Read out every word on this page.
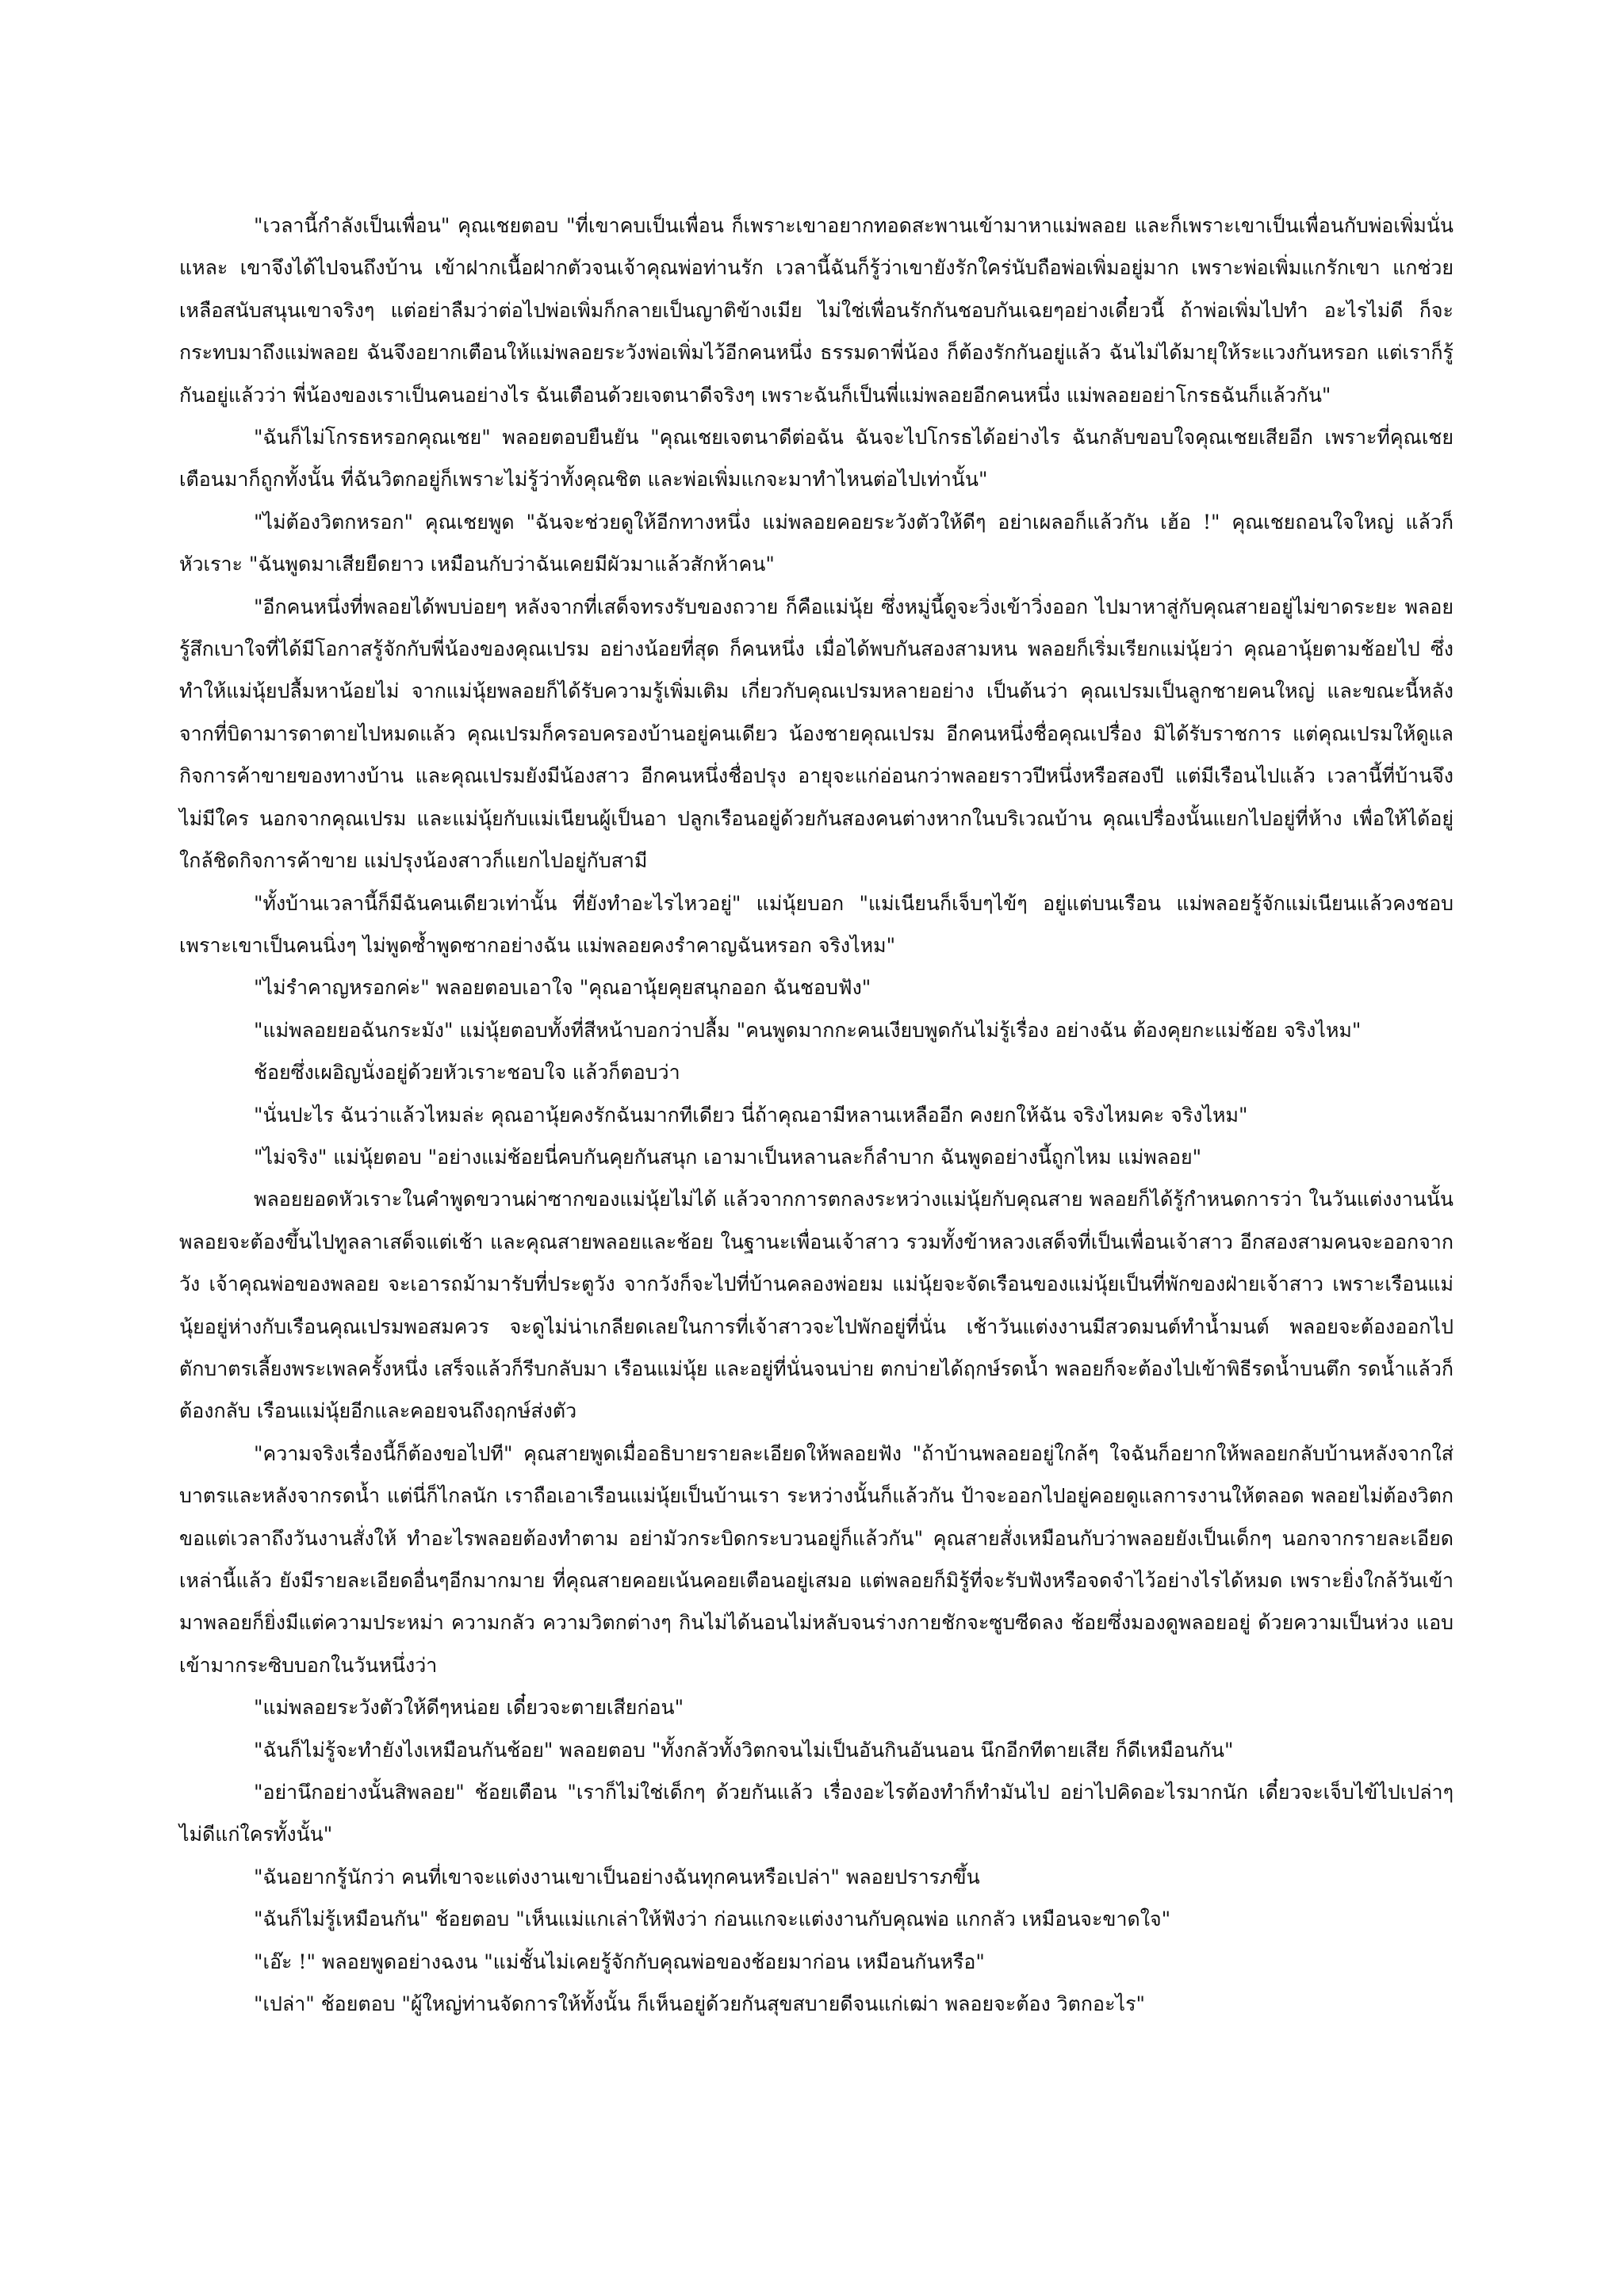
"เวลานี้กำลังเป็นเพื่อน" คุณเชยตอบ "ที่เขาคบเป็นเพื่อน ก็เพราะเขาอยากทอดสะพานเข้ามาหาแม่พลอย และก็เพราะเขาเป็นเพื่อนกับพ่อเพิ่มนั่นแหละ เขาจึงได้ไปจนถึงบ้าน เข้าฝากเนื้อฝากตัวจนเจ้าคุณพ่อท่านรัก เวลานี้ฉันก็รู้ว่าเขายังรักใคร่นับถือพ่อเพิ่มอยู่มาก เพราะพ่อเพิ่มแกรักเขา แกช่วยเหลือสนับสนุนเขาจริงๆ แต่อย่าลืมว่าต่อไปพ่อเพิ่มก็กลายเป็นญาติข้างเมีย ไม่ใช่เพื่อนรักกันชอบกันเฉยๆอย่างเดี๋ยวนี้ ถ้าพ่อเพิ่มไปทำ อะไรไม่ดี ก็จะกระทบมาถึงแม่พลอย ฉันจึงอยากเตือนให้แม่พลอยระวังพ่อเพิ่มไว้อีกคนหนึ่ง ธรรมดาพี่น้อง ก็ต้องรักกันอยู่แล้ว ฉันไม่ได้มายุให้ระแวงกันหรอก แต่เราก็รู้กันอยู่แล้วว่า พี่น้องของเราเป็นคนอย่างไร ฉันเตือนด้วยเจตนาดีจริงๆ เพราะฉันก็เป็นพี่แม่พลอยอีกคนหนึ่ง แม่พลอยอย่าโกรธฉันก็แล้วกัน"

"ฉันก็ไม่โกรธหรอกคุณเชย" พลอยตอบยืนยัน "คุณเชยเจตนาดีต่อฉัน ฉันจะไปโกรธได้อย่างไร ฉันกลับขอบใจคุณเชยเสียอีก เพราะที่คุณเชยเตือนมาก็ถูกทั้งนั้น ที่ฉันวิตกอยู่ก็เพราะไม่รู้ว่าทั้งคุณชิต และพ่อเพิ่มแกจะมาทำไหนต่อไปเท่านั้น"

"ไม่ต้องวิตกหรอก" คุณเชยพูด "ฉันจะช่วยดูให้อีกทางหนึ่ง แม่พลอยคอยระวังตัวให้ดีๆ อย่าเผลอก็แล้วกัน เฮ้อ !" คุณเชยถอนใจใหญ่ แล้วก็หัวเราะ "ฉันพูดมาเสียยืดยาว เหมือนกับว่าฉันเคยมีผัวมาแล้วสักห้าคน"

"อีกคนหนึ่งที่พลอยได้พบบ่อยๆ หลังจากที่เสด็จทรงรับของถวาย ก็คือแม่นุ้ย ซึ่งหมู่นี้ดูจะวิ่งเข้าวิ่งออก ไปมาหาสู่กับคุณสายอยู่ไม่ขาดระยะ พลอยรู้สึกเบาใจที่ได้มีโอกาสรู้จักกับพี่น้องของคุณเปรม อย่างน้อยที่สุด ก็คนหนึ่ง เมื่อได้พบกันสองสามหน พลอยก็เริ่มเรียกแม่นุ้ยว่า คุณอานุ้ยตามช้อยไป ซึ่งทำให้แม่นุ้ยปลื้มหาน้อยไม่ จากแม่นุ้ยพลอยก็ได้รับความรู้เพิ่มเติม เกี่ยวกับคุณเปรมหลายอย่าง เป็นต้นว่า คุณเปรมเป็นลูกชายคนใหญ่ และขณะนี้หลังจากที่บิดามารดาตายไปหมดแล้ว คุณเปรมก็ครอบครองบ้านอยู่คนเดียว น้องชายคุณเปรม อีกคนหนึ่งชื่อคุณเปรื่อง มิได้รับราชการ แต่คุณเปรมให้ดูแลกิจการค้าขายของทางบ้าน และคุณเปรมยังมีน้องสาว อีกคนหนึ่งชื่อปรุง อายุจะแก่อ่อนกว่าพลอยราวปีหนึ่งหรือสองปี แต่มีเรือนไปแล้ว เวลานี้ที่บ้านจึงไม่มีใคร นอกจากคุณเปรม และแม่นุ้ยกับแม่เนียนผู้เป็นอา ปลูกเรือนอยู่ด้วยกันสองคนต่างหากในบริเวณบ้าน คุณเปรื่องนั้นแยกไปอยู่ที่ห้าง เพื่อให้ได้อยู่ใกล้ชิดกิจการค้าขาย แม่ปรุงน้องสาวก็แยกไปอยู่กับสามี

"ทั้งบ้านเวลานี้ก็มีฉันคนเดียวเท่านั้น ที่ยังทำอะไรไหวอยู่" แม่นุ้ยบอก "แม่เนียนก็เจ็บๆไข้ๆ อยู่แต่บนเรือน แม่พลอยรู้จักแม่เนียนแล้วคงชอบ เพราะเขาเป็นคนนิ่งๆ ไม่พูดซ้ำพูดซากอย่างฉัน แม่พลอยคงรำคาญฉันหรอก จริงไหม"

"ไม่รำคาญหรอกค่ะ" พลอยตอบเอาใจ "คุณอานุ้ยคุยสนุกออก ฉันชอบฟัง"

"แม่พลอยยอฉันกระมัง" แม่นุ้ยตอบทั้งที่สีหน้าบอกว่าปลื้ม "คนพูดมากกะคนเงียบพูดกันไม่รู้เรื่อง อย่างฉัน ต้องคุยกะแม่ช้อย จริงไหม"

ช้อยซึ่งเผอิญนั่งอยู่ด้วยหัวเราะชอบใจ แล้วก็ตอบว่า

"นั่นปะไร ฉันว่าแล้วไหมล่ะ คุณอานุ้ยคงรักฉันมากทีเดียว นี่ถ้าคุณอามีหลานเหลืออีก คงยกให้ฉัน จริงไหมคะ จริงไหม"

"ไม่จริง" แม่นุ้ยตอบ "อย่างแม่ช้อยนี่คบกันคุยกันสนุก เอามาเป็นหลานละก็ลำบาก ฉันพูดอย่างนี้ถูกไหม แม่พลอย"

พลอยยอดหัวเราะในคำพูดขวานผ่าซากของแม่นุ้ยไม่ได้ แล้วจากการตกลงระหว่างแม่นุ้ยกับคุณสาย พลอยก็ได้รู้กำหนดการว่า ในวันแต่งงานนั้น พลอยจะต้องขึ้นไปทูลลาเสด็จแต่เช้า และคุณสายพลอยและช้อย ในฐานะเพื่อนเจ้าสาว รวมทั้งข้าหลวงเสด็จที่เป็นเพื่อนเจ้าสาว อีกสองสามคนจะออกจากวัง เจ้าคุณพ่อของพลอย จะเอารถม้ามารับที่ประตูวัง จากวังก็จะไปที่บ้านคลองพ่อยม แม่นุ้ยจะจัดเรือนของแม่นุ้ยเป็นที่พักของฝ่ายเจ้าสาว เพราะเรือนแม่นุ้ยอยู่ห่างกับเรือนคุณเปรมพอสมควร จะดูไม่น่าเกลียดเลยในการที่เจ้าสาวจะไปพักอยู่ที่นั่น เช้าวันแต่งงานมีสวดมนต์ทำน้ำมนต์ พลอยจะต้องออกไปตักบาตรเลี้ยงพระเพลครั้งหนึ่ง เสร็จแล้วก็รีบกลับมา เรือนแม่นุ้ย และอยู่ที่นั่นจนบ่าย ตกบ่ายได้ฤกษ์รดน้ำ พลอยก็จะต้องไปเข้าพิธีรดน้ำบนตึก รดน้ำแล้วก็ต้องกลับ เรือนแม่นุ้ยอีกและคอยจนถึงฤกษ์ส่งตัว

"ความจริงเรื่องนี้ก็ต้องขอไปที" คุณสายพูดเมื่ออธิบายรายละเอียดให้พลอยฟัง "ถ้าบ้านพลอยอยู่ใกล้ๆ ใจฉันก็อยากให้พลอยกลับบ้านหลังจากใส่บาตรและหลังจากรดน้ำ แต่นี่ก็ไกลนัก เราถือเอาเรือนแม่นุ้ยเป็นบ้านเรา ระหว่างนั้นก็แล้วกัน ป้าจะออกไปอยู่คอยดูแลการงานให้ตลอด พลอยไม่ต้องวิตก ขอแต่เวลาถึงวันงานสั่งให้ ทำอะไรพลอยต้องทำตาม อย่ามัวกระบิดกระบวนอยู่ก็แล้วกัน" คุณสายสั่งเหมือนกับว่าพลอยยังเป็นเด็กๆ นอกจากรายละเอียดเหล่านี้แล้ว ยังมีรายละเอียดอื่นๆอีกมากมาย ที่คุณสายคอยเน้นคอยเตือนอยู่เสมอ แต่พลอยก็มิรู้ที่จะรับฟังหรือจดจำไว้อย่างไรได้หมด เพราะยิ่งใกล้วันเข้ามาพลอยก็ยิ่งมีแต่ความประหม่า ความกลัว ความวิตกต่างๆ กินไม่ได้นอนไม่หลับจนร่างกายชักจะซูบซีดลง ช้อยซึ่งมองดูพลอยอยู่ ด้วยความเป็นห่วง แอบเข้ามากระซิบบอกในวันหนึ่งว่า

"แม่พลอยระวังตัวให้ดีๆหน่อย เดี๋ยวจะตายเสียก่อน"

"ฉันก็ไม่รู้จะทำยังไงเหมือนกันช้อย" พลอยตอบ "ทั้งกลัวทั้งวิตกจนไม่เป็นอันกินอันนอน นึกอีกทีตายเสีย ก็ดีเหมือนกัน"

"อย่านึกอย่างนั้นสิพลอย" ช้อยเตือน "เราก็ไม่ใช่เด็กๆ ด้วยกันแล้ว เรื่องอะไรต้องทำก็ทำมันไป อย่าไปคิดอะไรมากนัก เดี๋ยวจะเจ็บไข้ไปเปล่าๆ ไม่ดีแก่ใครทั้งนั้น"

"ฉันอยากรู้นักว่า คนที่เขาจะแต่งงานเขาเป็นอย่างฉันทุกคนหรือเปล่า" พลอยปรารภขึ้น

"ฉันก็ไม่รู้เหมือนกัน" ช้อยตอบ "เห็นแม่แกเล่าให้ฟังว่า ก่อนแกจะแต่งงานกับคุณพ่อ แกกลัว เหมือนจะขาดใจ"

"เอ๊ะ !" พลอยพูดอย่างฉงน "แม่ชั้นไม่เคยรู้จักกับคุณพ่อของช้อยมาก่อน เหมือนกันหรือ"

"เปล่า" ช้อยตอบ "ผู้ใหญ่ท่านจัดการให้ทั้งนั้น ก็เห็นอยู่ด้วยกันสุขสบายดีจนแก่เฒ่า พลอยจะต้อง วิตกอะไร"
